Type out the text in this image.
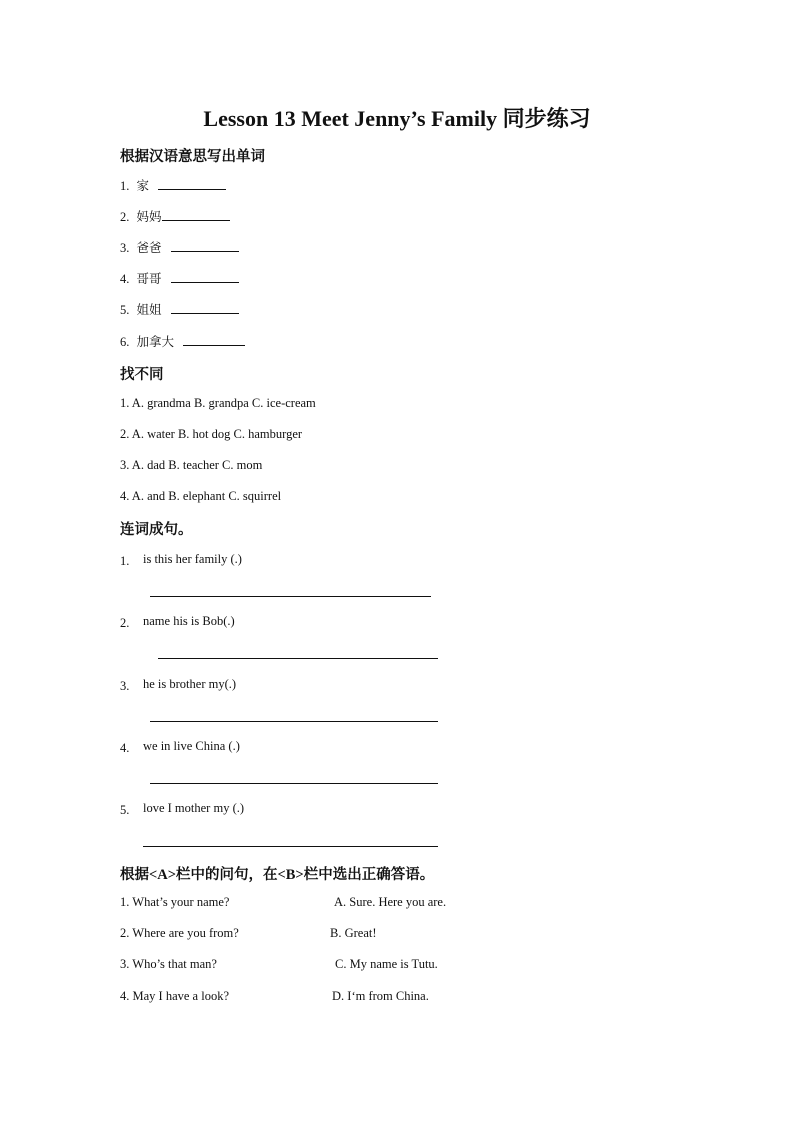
Lesson 13 Meet Jenny’s Family 同步练习
根据汉语意思写出单词
1. 家
2. 妈妈
3. 爸爸
4. 哥哥
5. 姐姐
6. 加拿大
找不同
1. A. grandma B. grandpa C. ice-cream
2. A. water B. hot dog C. hamburger
3. A. dad B. teacher C. mom
4. A. and B. elephant C. squirrel
连词成句。
1. is this her family (.)
2. name his is Bob(.)
3. he is brother my(.)
4. we in live China (.)
5. love I mother my (.)
根据<A>栏中的问句，在<B>栏中选出正确答语。
1. What’s your name?	A. Sure. Here you are.
2. Where are you from?	B. Great!
3. Who’s that man?	C. My name is Tutu.
4. May I have a look?	D. I‘m from China.
